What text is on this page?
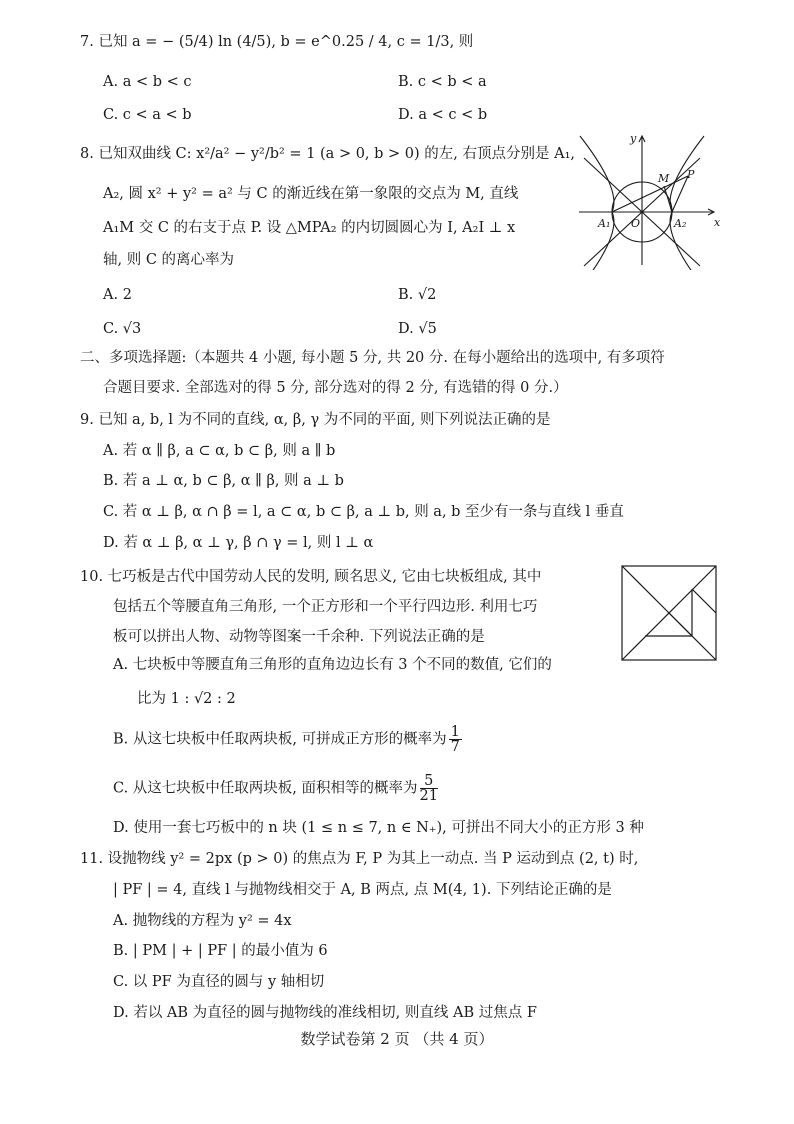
7. 已知 a = − (5/4) ln (4/5), b = e^0.25 / 4, c = 1/3, 则
A. a < b < c	B. c < b < a
C. c < a < b	D. a < c < b
8. 已知双曲线 C: x²/a² − y²/b² = 1 (a > 0, b > 0) 的左, 右顶点分别是 A₁,
A₂, 圆 x² + y² = a² 与 C 的渐近线在第一象限的交点为 M, 直线
A₁M 交 C 的右支于点 P. 设 △MPA₂ 的内切圆圆心为 I, A₂I ⊥ x
轴, 则 C 的离心率为
A. 2	B. √2
C. √3	D. √5
y
x
O
A₁	A₂
M P
二、多项选择题:（本题共 4 小题, 每小题 5 分, 共 20 分. 在每小题给出的选项中, 有多项符
合题目要求. 全部选对的得 5 分, 部分选对的得 2 分, 有选错的得 0 分.）
9. 已知 a, b, l 为不同的直线, α, β, γ 为不同的平面, 则下列说法正确的是
A. 若 α ∥ β, a ⊂ α, b ⊂ β, 则 a ∥ b
B. 若 a ⊥ α, b ⊂ β, α ∥ β, 则 a ⊥ b
C. 若 α ⊥ β, α ∩ β = l, a ⊂ α, b ⊂ β, a ⊥ b, 则 a, b 至少有一条与直线 l 垂直
D. 若 α ⊥ β, α ⊥ γ, β ∩ γ = l, 则 l ⊥ α
10. 七巧板是古代中国劳动人民的发明, 顾名思义, 它由七块板组成, 其中
包括五个等腰直角三角形, 一个正方形和一个平行四边形. 利用七巧
板可以拼出人物、动物等图案一千余种. 下列说法正确的是
A. 七块板中等腰直角三角形的直角边边长有 3 个不同的数值, 它们的
比为 1 : √2 : 2
B. 从这七块板中任取两块板, 可拼成正方形的概率为 $\frac{1}{7}$
C. 从这七块板中任取两块板, 面积相等的概率为 $\frac{5}{21}$
D. 使用一套七巧板中的 n 块 (1 ≤ n ≤ 7, n ∈ N₊), 可拼出不同大小的正方形 3 种
11. 设抛物线 y² = 2px (p > 0) 的焦点为 F, P 为其上一动点. 当 P 运动到点 (2, t) 时,
| PF | = 4, 直线 l 与抛物线相交于 A, B 两点, 点 M(4, 1). 下列结论正确的是
A. 抛物线的方程为 y² = 4x
B. | PM | + | PF | 的最小值为 6
C. 以 PF 为直径的圆与 y 轴相切
D. 若以 AB 为直径的圆与抛物线的准线相切, 则直线 AB 过焦点 F
数学试卷第 2 页 （共 4 页）
